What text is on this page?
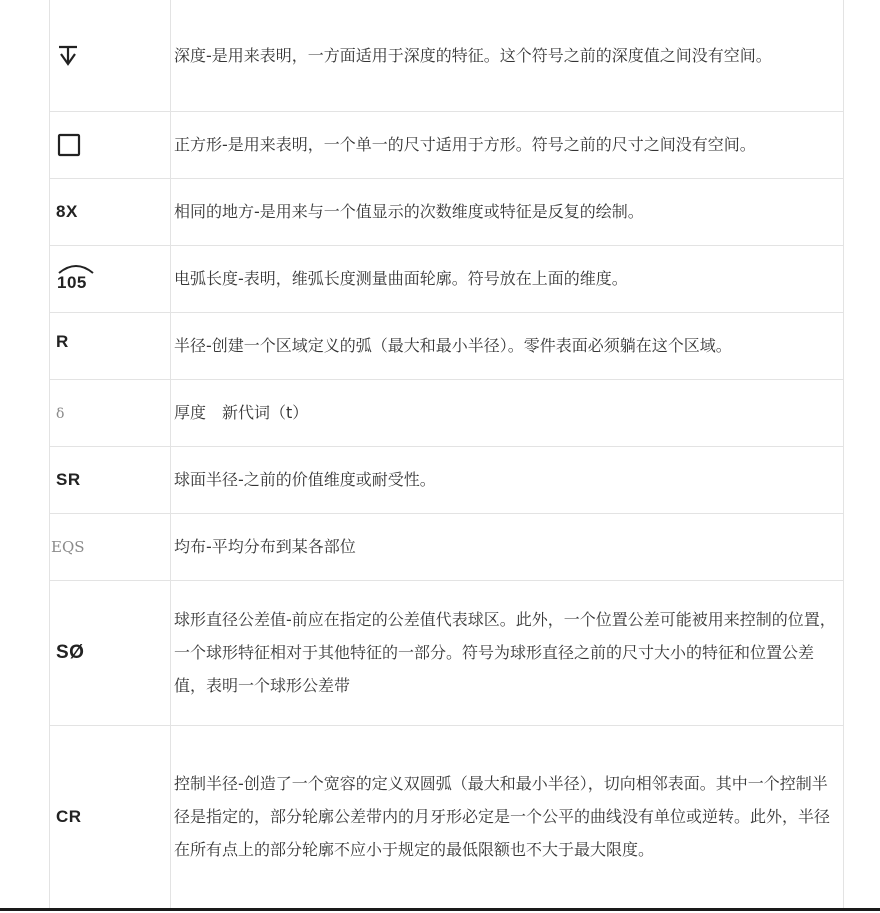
	深度-是用来表明，一方面适用于深度的特征。这个符号之前的深度值之间没有空间。

	正方形-是用来表明，一个单一的尺寸适用于方形。符号之前的尺寸之间没有空间。
8X	相同的地方-是用来与一个值显示的次数维度或特征是反复的绘制。

105	电弧长度-表明，维弧长度测量曲面轮廓。符号放在上面的维度。
R	半径-创建一个区域定义的弧（最大和最小半径）。零件表面必须躺在这个区域。
δ	厚度　新代词（t）
SR	球面半径-之前的价值维度或耐受性。
EQS	均布-平均分布到某各部位
SØ	球形直径公差值-前应在指定的公差值代表球区。此外，一个位置公差可能被用来控制的位置，一个球形特征相对于其他特征的一部分。符号为球形直径之前的尺寸大小的特征和位置公差值，表明一个球形公差带
CR	控制半径-创造了一个宽容的定义双圆弧（最大和最小半径），切向相邻表面。其中一个控制半径是指定的，部分轮廓公差带内的月牙形必定是一个公平的曲线没有单位或逆转。此外，半径在所有点上的部分轮廓不应小于规定的最低限额也不大于最大限度。
